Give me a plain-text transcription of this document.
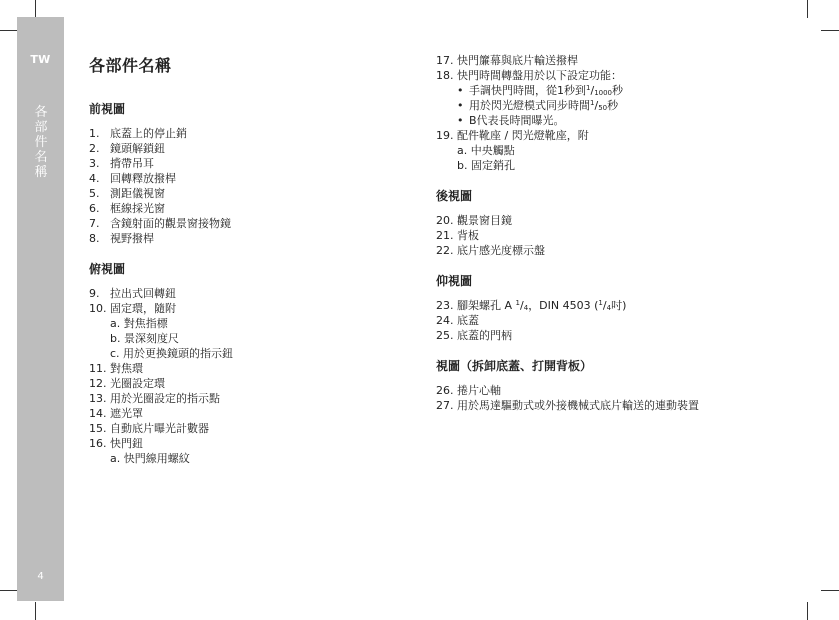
TW
各
部
件
名
稱
4
各部件名稱
前視圖
1. 底蓋上的停止銷
2. 鏡頭解鎖鈕
3. 揹帶吊耳
4. 回轉釋放撥桿
5. 測距儀視窗
6. 框線採光窗
7. 含鏡射面的觀景窗接物鏡
8. 視野撥桿
俯視圖
9. 拉出式回轉鈕
10. 固定環，隨附
a. 對焦指標
b. 景深刻度尺
c. 用於更換鏡頭的指示鈕
11. 對焦環
12. 光圈設定環
13. 用於光圈設定的指示點
14. 遮光罩
15. 自動底片曝光計數器
16. 快門鈕
a. 快門線用螺紋
17. 快門簾幕與底片輸送撥桿
18. 快門時間轉盤用於以下設定功能：
• 手調快門時間，從1秒到$^1/_{1000}$秒
• 用於閃光燈模式同步時間$^1/_{50}$秒
• B代表長時間曝光。
19. 配件靴座 / 閃光燈靴座，附
a. 中央觸點
b. 固定銷孔
後視圖
20. 觀景窗目鏡
21. 背板
22. 底片感光度標示盤
仰視圖
23. 腳架螺孔 A $^1/_4$，DIN 4503 ($^1/_4$吋)
24. 底蓋
25. 底蓋的門柄
視圖（拆卸底蓋、打開背板）
26. 捲片心軸
27. 用於馬達驅動式或外接機械式底片輸送的連動裝置
